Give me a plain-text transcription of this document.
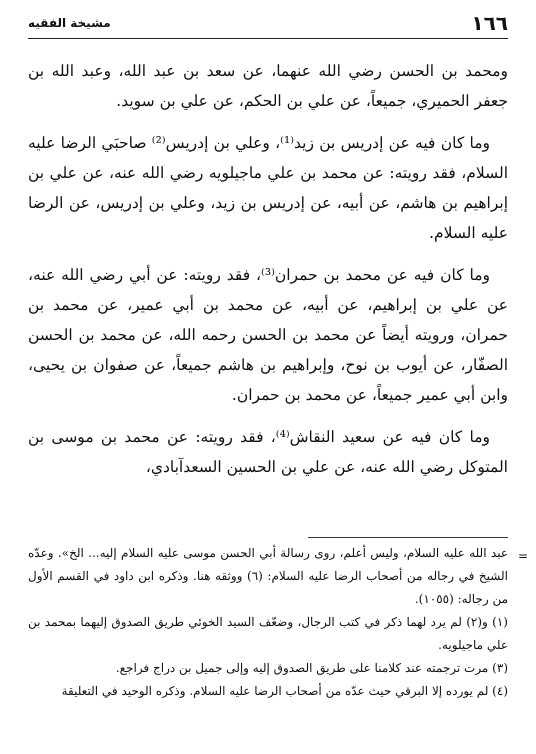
١٦٦
مشيخة الفقيه

ومحمد بن الحسن رضي الله عنهما، عن سعد بن عبد الله، وعبد الله بن جعفر الحميري، جميعاً، عن علي بن الحكم، عن علي بن سويد.

وما كان فيه عن إدريس بن زيد⁽¹⁾، وعلي بن إدريس⁽²⁾ صاحبَي الرضا عليه السلام، فقد رويته: عن محمد بن علي ماجيلويه رضي الله عنه، عن علي بن إبراهيم بن هاشم، عن أبيه، عن إدريس بن زيد، وعلي بن إدريس، عن الرضا عليه السلام.

وما كان فيه عن محمد بن حمران⁽³⁾، فقد رويته: عن أبي رضي الله عنه، عن علي بن إبراهيم، عن أبيه، عن محمد بن أبي عمير، عن محمد بن حمران، ورويته أيضاً عن محمد بن الحسن رحمه الله، عن محمد بن الحسن الصفّار، عن أيوب بن نوح، وإبراهيم بن هاشم جميعاً، عن صفوان بن يحيى، وابن أبي عمير جميعاً، عن محمد بن حمران.

وما كان فيه عن سعيد النقاش⁽⁴⁾، فقد رويته: عن محمد بن موسى بن المتوكل رضي الله عنه، عن علي بن الحسين السعدآبادي،

=

عبد الله عليه السلام، وليس أعلم، روى رسالة أبي الحسن موسى عليه السلام إليه... الخ». وعدّه الشيخ في رجاله من أصحاب الرضا عليه السلام: (٦) ووثقه هنا. وذكره ابن داود في القسم الأول من رجاله: (١٠٥٥).

(١) و(٢) لم يرد لهما ذكر في كتب الرجال، وضعّف السيد الخوئي طريق الصدوق إليهما بمحمد بن علي ماجيلويه.

(٣) مرت ترجمته عند كلامنا على طريق الصدوق إليه وإلى جميل بن دراج فراجع.

(٤) لم يورده إلا البرقي حيث عدّه من أصحاب الرضا عليه السلام. وذكره الوحيد في التعليقة
